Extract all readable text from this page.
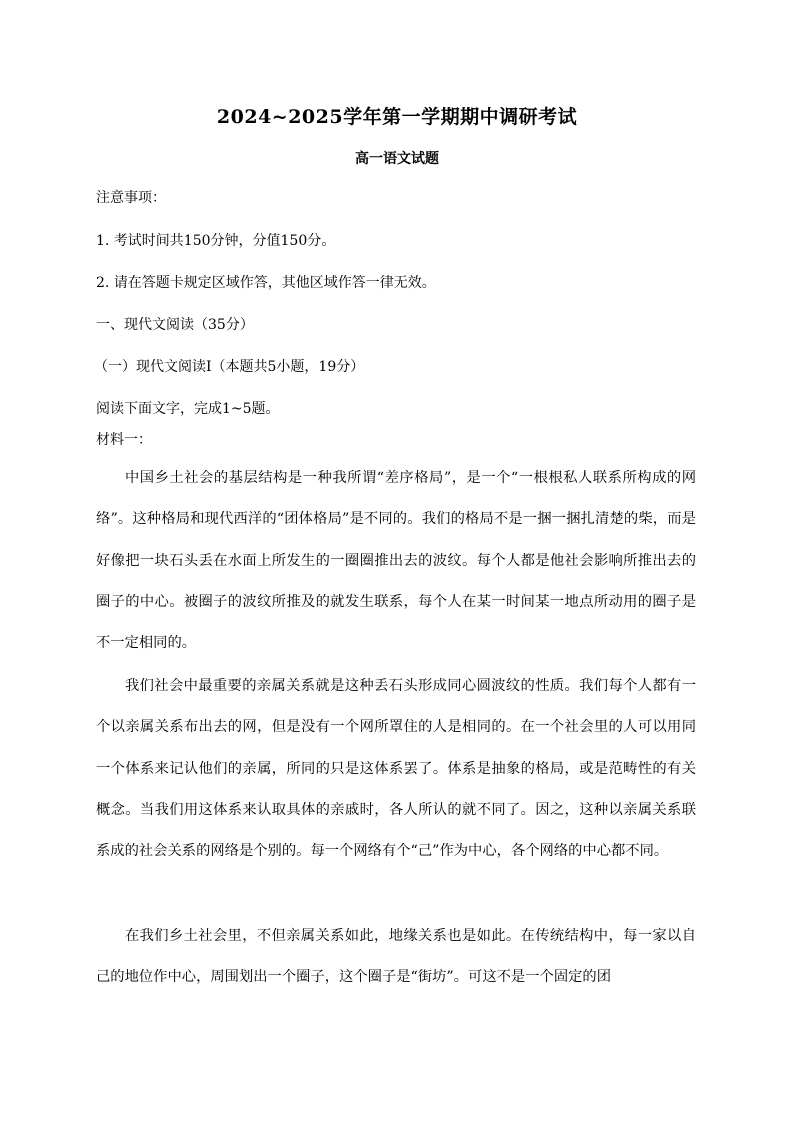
2024~2025学年第一学期期中调研考试
高一语文试题
注意事项：
1. 考试时间共150分钟，分值150分。
2. 请在答题卡规定区域作答，其他区域作答一律无效。
一、现代文阅读（35分）
（一）现代文阅读Ⅰ（本题共5小题，19分）
阅读下面文字，完成1~5题。
材料一：

中国乡土社会的基层结构是一种我所谓“差序格局”，是一个“一根根私人联系所构成的网络”。这种格局和现代西洋的“团体格局”是不同的。我们的格局不是一捆一捆扎清楚的柴，而是好像把一块石头丢在水面上所发生的一圈圈推出去的波纹。每个人都是他社会影响所推出去的圈子的中心。被圈子的波纹所推及的就发生联系，每个人在某一时间某一地点所动用的圈子是不一定相同的。

我们社会中最重要的亲属关系就是这种丢石头形成同心圆波纹的性质。我们每个人都有一个以亲属关系布出去的网，但是没有一个网所罩住的人是相同的。在一个社会里的人可以用同一个体系来记认他们的亲属，所同的只是这体系罢了。体系是抽象的格局，或是范畴性的有关概念。当我们用这体系来认取具体的亲戚时，各人所认的就不同了。因之，这种以亲属关系联系成的社会关系的网络是个别的。每一个网络有个“己”作为中心，各个网络的中心都不同。

在我们乡土社会里，不但亲属关系如此，地缘关系也是如此。在传统结构中，每一家以自己的地位作中心，周围划出一个圈子，这个圈子是“街坊”。可这不是一个固定的团
